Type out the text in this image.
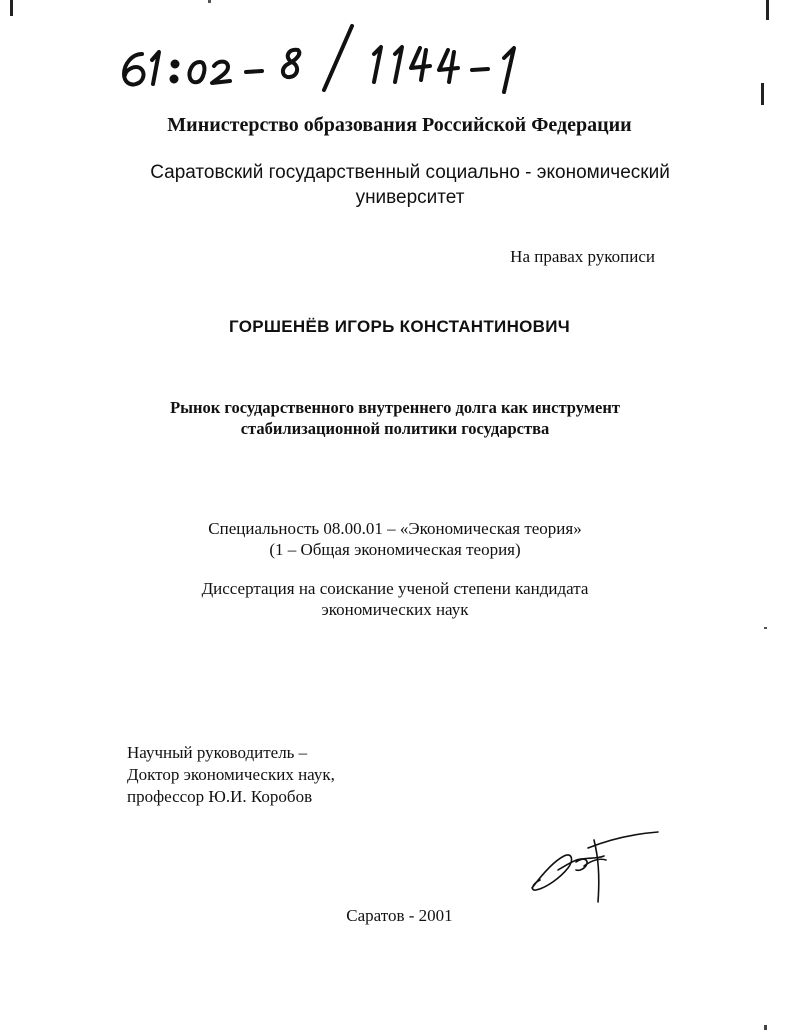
Министерство образования Российской Федерации
Саратовский государственный социально - экономический
университет
На правах рукописи
ГОРШЕНЁВ ИГОРЬ КОНСТАНТИНОВИЧ
Рынок государственного внутреннего долга как инструмент
стабилизационной политики государства
Специальность 08.00.01 – «Экономическая теория»
(1 – Общая экономическая теория)
Диссертация на соискание ученой степени кандидата
экономических наук
Научный руководитель –
Доктор экономических наук,
профессор Ю.И. Коробов
Саратов - 2001
